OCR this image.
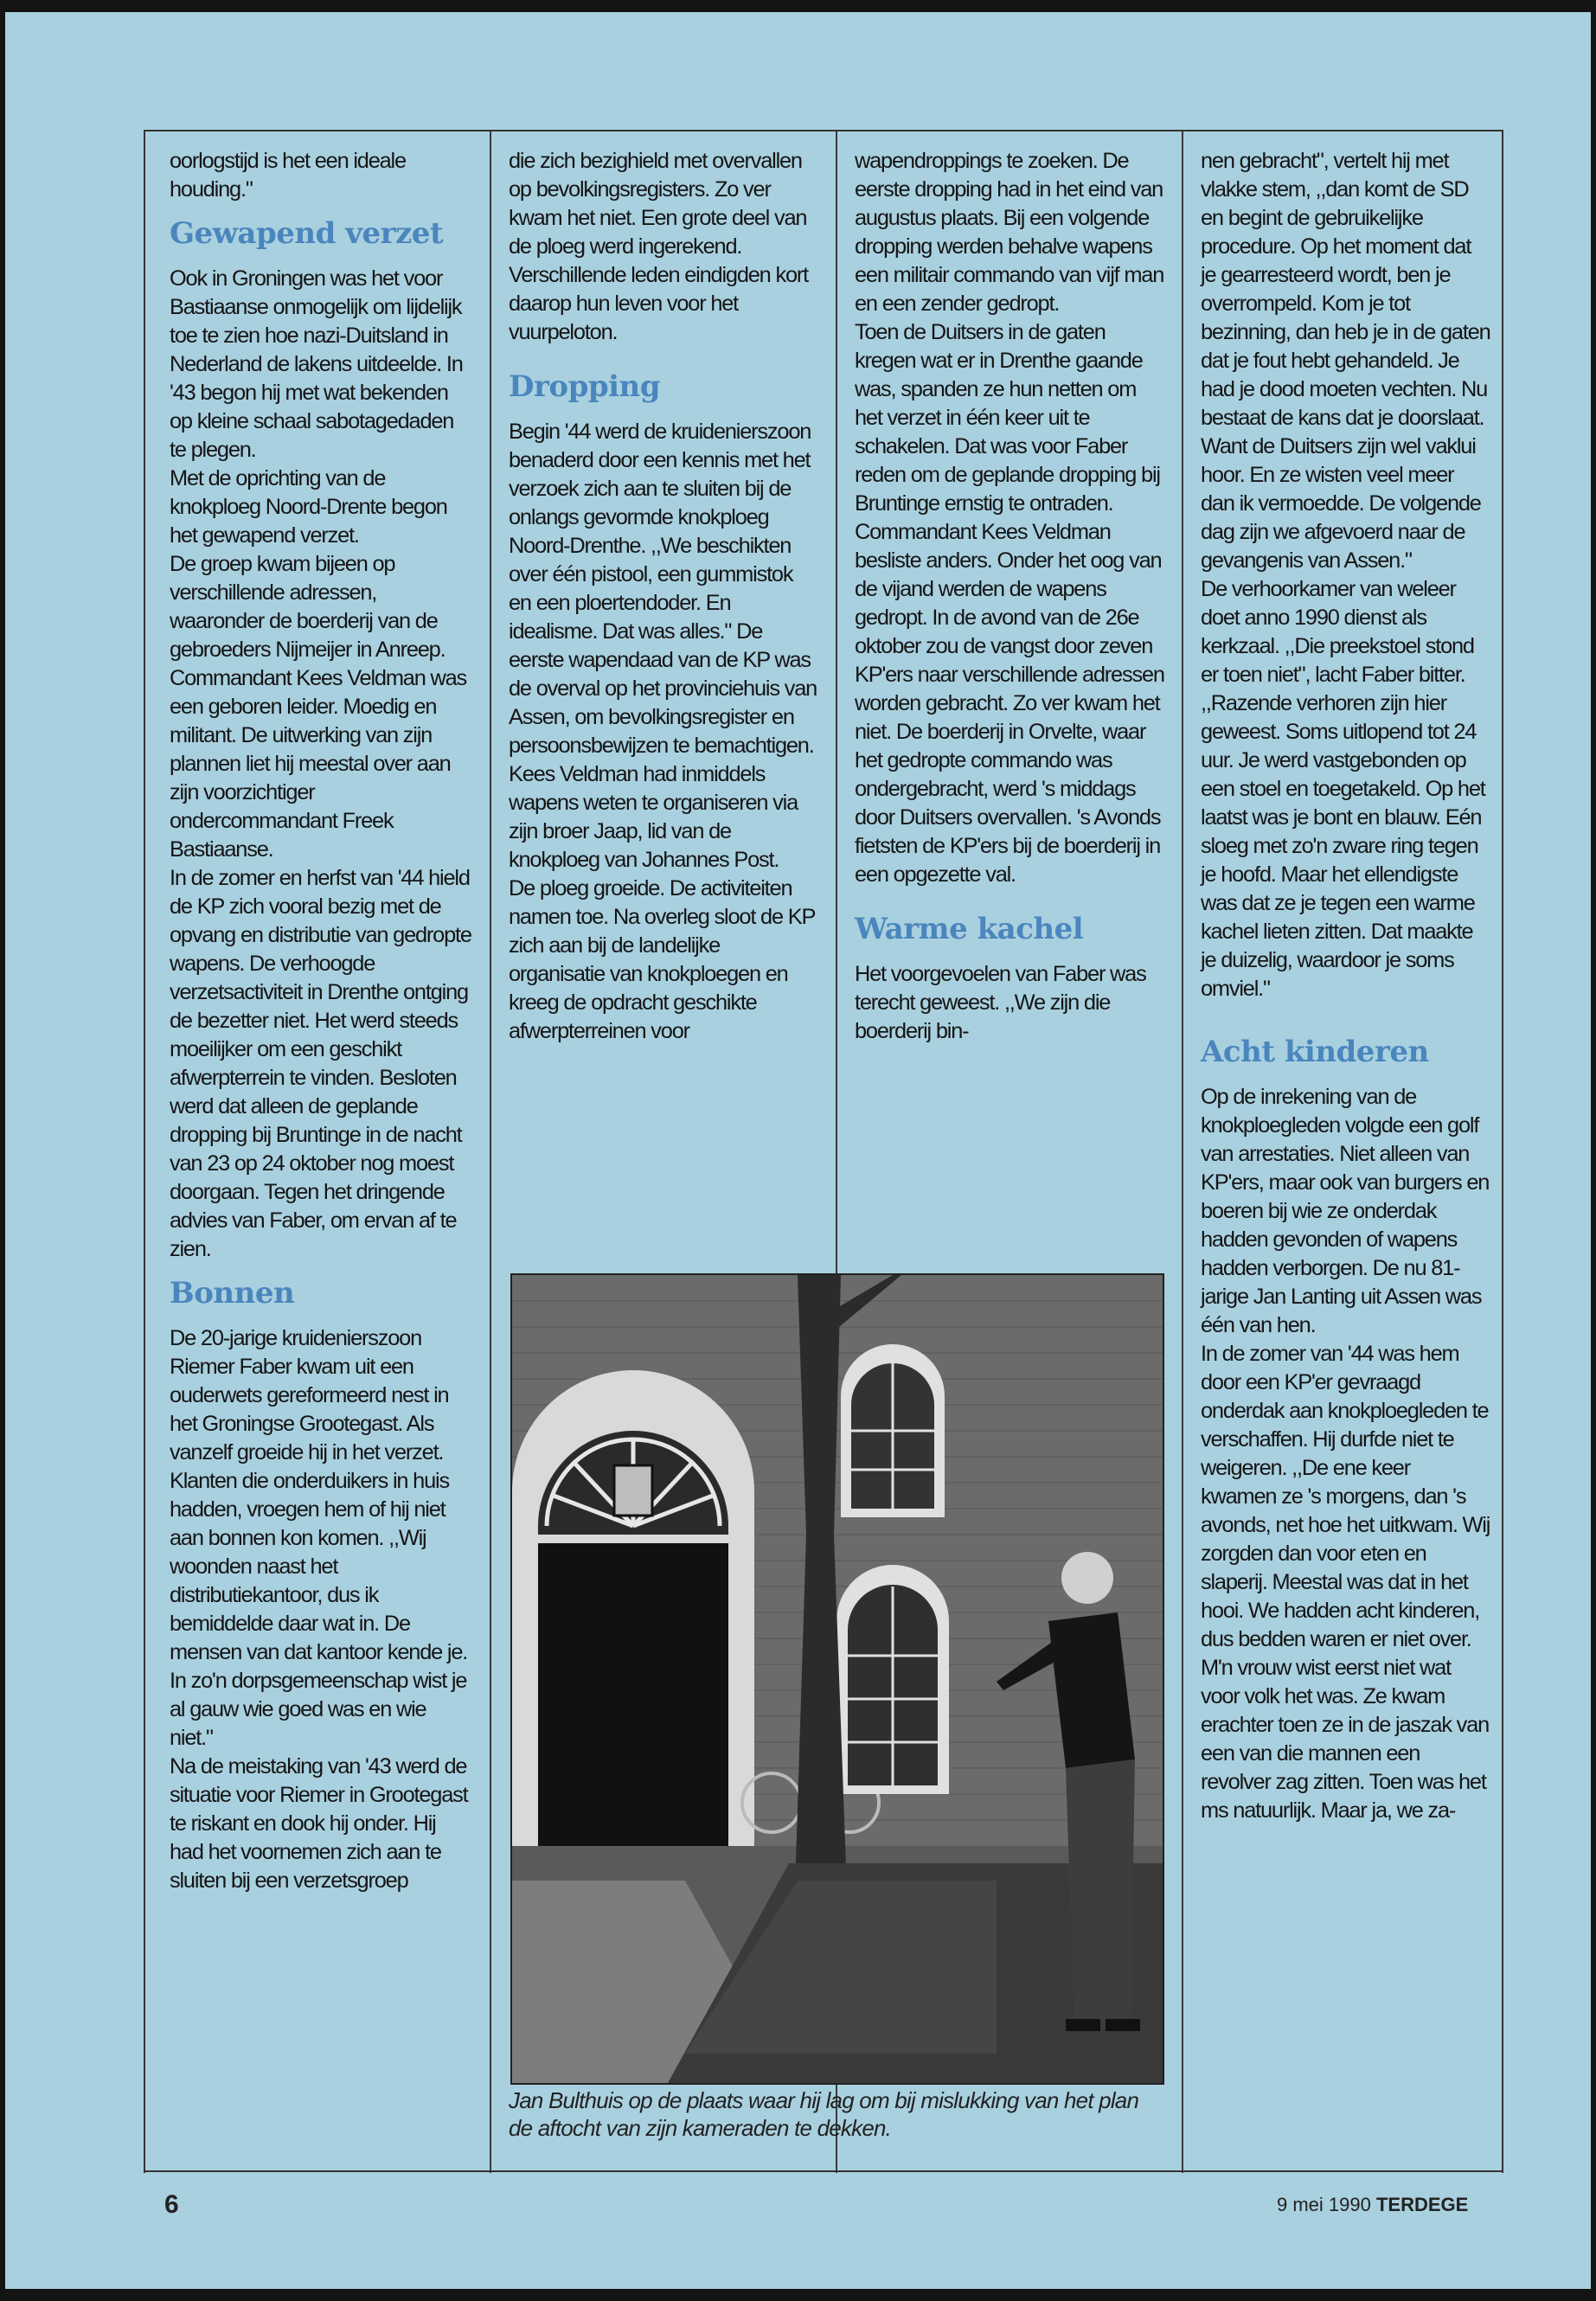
oorlogstijd is het een ideale houding."

Gewapend verzet

Ook in Groningen was het voor Bastiaanse onmogelijk om lijdelijk toe te zien hoe nazi-Duitsland in Nederland de lakens uitdeelde. In '43 begon hij met wat bekenden op kleine schaal sabotagedaden te plegen.

Met de oprichting van de knokploeg Noord-Drente begon het gewapend verzet.

De groep kwam bijeen op verschillende adressen, waaronder de boerderij van de gebroeders Nijmeijer in Anreep. Commandant Kees Veldman was een geboren leider. Moedig en militant. De uitwerking van zijn plannen liet hij meestal over aan zijn voorzichtiger ondercommandant Freek Bastiaanse.

In de zomer en herfst van '44 hield de KP zich vooral bezig met de opvang en distributie van gedropte wapens. De verhoogde verzetsactiviteit in Drenthe ontging de bezetter niet. Het werd steeds moeilijker om een geschikt afwerpterrein te vinden. Besloten werd dat alleen de geplande dropping bij Bruntinge in de nacht van 23 op 24 oktober nog moest doorgaan. Tegen het dringende advies van Faber, om ervan af te zien.

Bonnen

De 20-jarige kruidenierszoon Riemer Faber kwam uit een ouderwets gereformeerd nest in het Groningse Grootegast. Als vanzelf groeide hij in het verzet. Klanten die onderduikers in huis hadden, vroegen hem of hij niet aan bonnen kon komen. ,,Wij woonden naast het distributiekantoor, dus ik bemiddelde daar wat in. De mensen van dat kantoor kende je. In zo'n dorpsgemeenschap wist je al gauw wie goed was en wie niet."

Na de meistaking van '43 werd de situatie voor Riemer in Grootegast te riskant en dook hij onder. Hij had het voornemen zich aan te sluiten bij een verzetsgroep

die zich bezighield met overvallen op bevolkingsregisters. Zo ver kwam het niet. Een grote deel van de ploeg werd ingerekend. Verschillende leden eindigden kort daarop hun leven voor het vuurpeloton.

Dropping

Begin '44 werd de kruidenierszoon benaderd door een kennis met het verzoek zich aan te sluiten bij de onlangs gevormde knokploeg Noord-Drenthe. ,,We beschikten over één pistool, een gummistok en een ploertendoder. En idealisme. Dat was alles." De eerste wapendaad van de KP was de overval op het provinciehuis van Assen, om bevolkingsregister en persoonsbewijzen te bemachtigen. Kees Veldman had inmiddels wapens weten te organiseren via zijn broer Jaap, lid van de knokploeg van Johannes Post.

De ploeg groeide. De activiteiten namen toe. Na overleg sloot de KP zich aan bij de landelijke organisatie van knokploegen en kreeg de opdracht geschikte afwerpterreinen voor

wapendroppings te zoeken. De eerste dropping had in het eind van augustus plaats. Bij een volgende dropping werden behalve wapens een militair commando van vijf man en een zender gedropt.

Toen de Duitsers in de gaten kregen wat er in Drenthe gaande was, spanden ze hun netten om het verzet in één keer uit te schakelen. Dat was voor Faber reden om de geplande dropping bij Bruntinge ernstig te ontraden. Commandant Kees Veldman besliste anders. Onder het oog van de vijand werden de wapens gedropt. In de avond van de 26e oktober zou de vangst door zeven KP'ers naar verschillende adressen worden gebracht. Zo ver kwam het niet. De boerderij in Orvelte, waar het gedropte commando was ondergebracht, werd 's middags door Duitsers overvallen. 's Avonds fietsten de KP'ers bij de boerderij in een opgezette val.

Warme kachel

Het voorgevoelen van Faber was terecht geweest. ,,We zijn die boerderij bin-

nen gebracht", vertelt hij met vlakke stem, ,,dan komt de SD en begint de gebruikelijke procedure. Op het moment dat je gearresteerd wordt, ben je overrompeld. Kom je tot bezinning, dan heb je in de gaten dat je fout hebt gehandeld. Je had je dood moeten vechten. Nu bestaat de kans dat je doorslaat. Want de Duitsers zijn wel vaklui hoor. En ze wisten veel meer dan ik vermoedde. De volgende dag zijn we afgevoerd naar de gevangenis van Assen."

De verhoorkamer van weleer doet anno 1990 dienst als kerkzaal. ,,Die preekstoel stond er toen niet", lacht Faber bitter. ,,Razende verhoren zijn hier geweest. Soms uitlopend tot 24 uur. Je werd vastgebonden op een stoel en toegetakeld. Op het laatst was je bont en blauw. Eén sloeg met zo'n zware ring tegen je hoofd. Maar het ellendigste was dat ze je tegen een warme kachel lieten zitten. Dat maakte je duizelig, waardoor je soms omviel."

Acht kinderen

Op de inrekening van de knokploegleden volgde een golf van arrestaties. Niet alleen van KP'ers, maar ook van burgers en boeren bij wie ze onderdak hadden gevonden of wapens hadden verborgen. De nu 81-jarige Jan Lanting uit Assen was één van hen.

In de zomer van '44 was hem door een KP'er gevraagd onderdak aan knokploegleden te verschaffen. Hij durfde niet te weigeren. ,,De ene keer kwamen ze 's morgens, dan 's avonds, net hoe het uitkwam. Wij zorgden dan voor eten en slaperij. Meestal was dat in het hooi. We hadden acht kinderen, dus bedden waren er niet over.

M'n vrouw wist eerst niet wat voor volk het was. Ze kwam erachter toen ze in de jaszak van een van die mannen een revolver zag zitten. Toen was het ms natuurlijk. Maar ja, we za-

Jan Bulthuis op de plaats waar hij lag om bij mislukking van het plan de aftocht van zijn kameraden te dekken.
6	9 mei 1990 TERDEGE
